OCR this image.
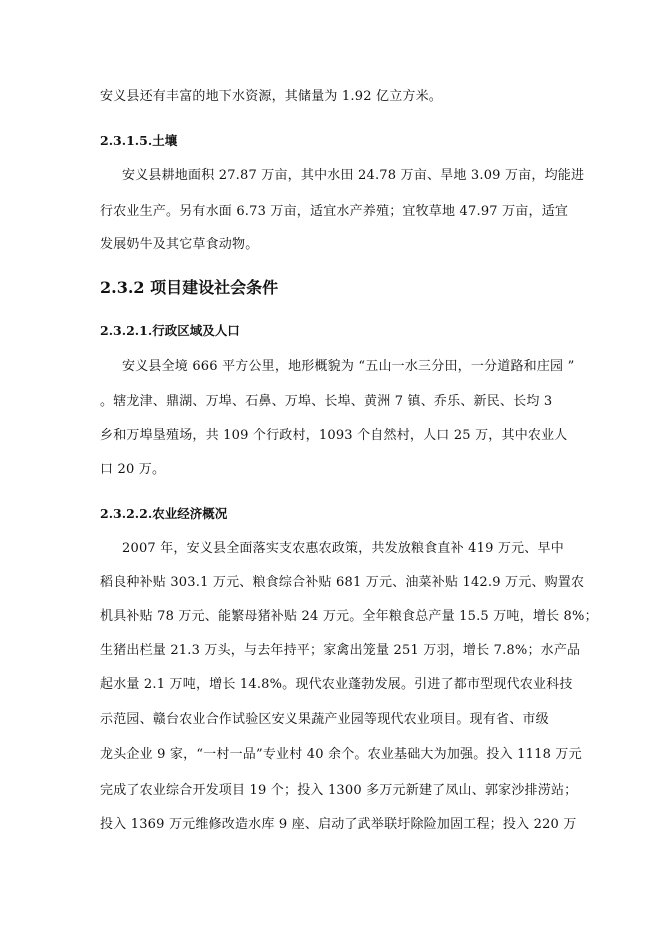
安义县还有丰富的地下水资源，其储量为 1.92 亿立方米。
2.3.1.5.土壤
安义县耕地面积 27.87 万亩，其中水田 24.78 万亩、旱地 3.09 万亩，均能进
行农业生产。另有水面 6.73 万亩，适宜水产养殖；宜牧草地 47.97 万亩，适宜
发展奶牛及其它草食动物。
2.3.2 项目建设社会条件
2.3.2.1.行政区域及人口
安义县全境 666 平方公里，地形概貌为 “五山一水三分田，一分道路和庄园 ”
。辖龙津、鼎湖、万埠、石鼻、万埠、长埠、黄洲 7 镇、乔乐、新民、长均 3
乡和万埠垦殖场，共 109 个行政村，1093 个自然村，人口 25 万，其中农业人
口 20 万。
2.3.2.2.农业经济概况
2007 年，安义县全面落实支农惠农政策，共发放粮食直补 419 万元、早中
稻良种补贴 303.1 万元、粮食综合补贴 681 万元、油菜补贴 142.9 万元、购置农
机具补贴 78 万元、能繁母猪补贴 24 万元。全年粮食总产量 15.5 万吨，增长 8%；
生猪出栏量 21.3 万头，与去年持平；家禽出笼量 251 万羽，增长 7.8%；水产品
起水量 2.1 万吨，增长 14.8%。现代农业蓬勃发展。引进了都市型现代农业科技
示范园、赣台农业合作试验区安义果蔬产业园等现代农业项目。现有省、市级
龙头企业 9 家，“一村一品”专业村 40 余个。农业基础大为加强。投入 1118 万元
完成了农业综合开发项目 19 个；投入 1300 多万元新建了凤山、郭家沙排涝站；
投入 1369 万元维修改造水库 9 座、启动了武举联圩除险加固工程；投入 220 万
